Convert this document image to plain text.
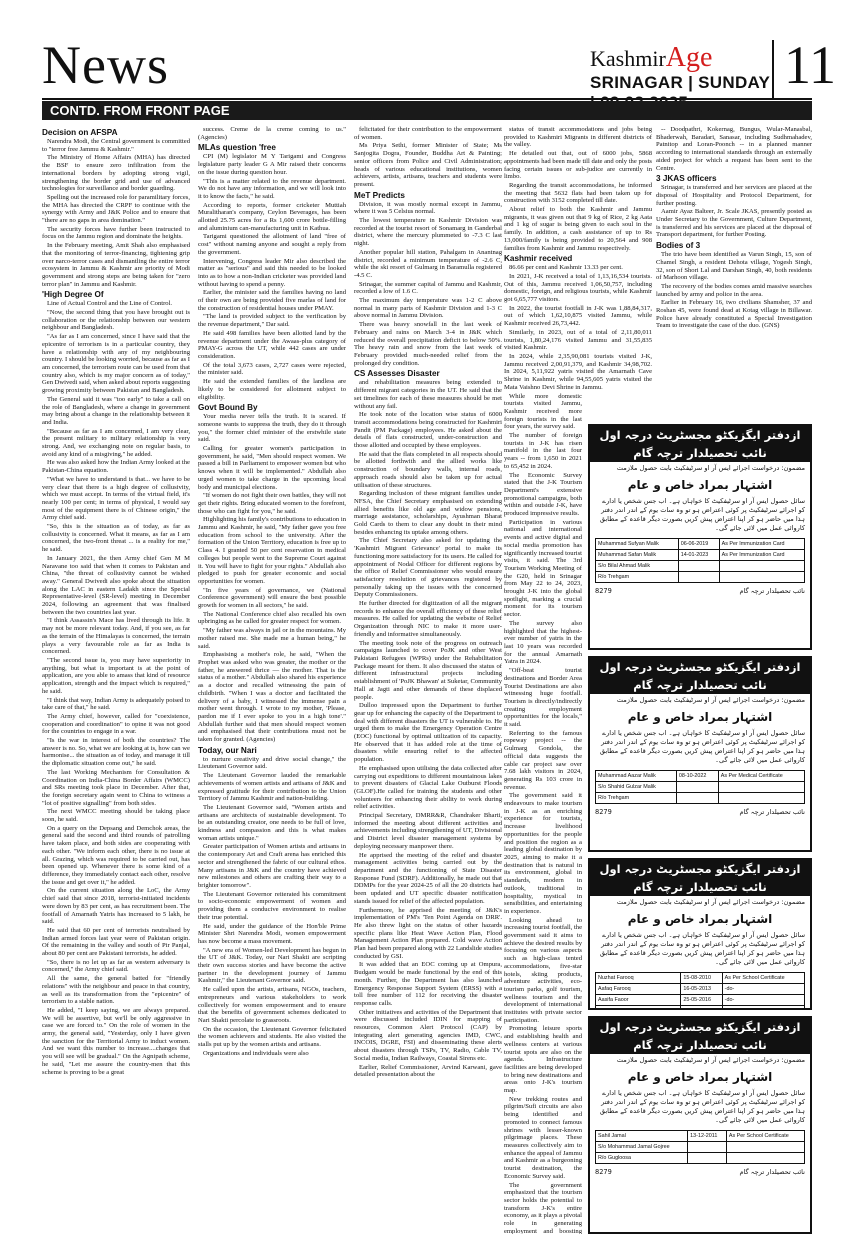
News	KashmirAge
SRINAGAR | SUNDAY 11
CONTD. FROM FRONT PAGE
Decision on AFSPA

Narendra Modi, the Central government is committed to "terror free Jammu & Kashmir."

The Ministry of Home Affairs (MHA) has directed the BSF to ensure zero infiltration from the international borders by adopting strong vigil, strengthening the border grid and use of advanced technologies for surveillance and border guarding.

Spelling out the increased role for paramilitary forces, the MHA has directed the CRPF to continue with the synergy with Army and J&K Police and to ensure that "there are no gaps in area domination."

The security forces have further been instructed to focus on the Jammu region and dominate the heights.

In the February meeting, Amit Shah also emphasised that the monitoring of terror-financing, tightening grip over narco-terror cases and dismantling the entire terror ecosystem in Jammu & Kashmir are priority of Modi government and strong steps are being taken for "zero terror plan" in Jammu and Kashmir.

'High Degree Of

Line of Actual Control and the Line of Control.

"Now, the second thing that you have brought out is collaboration or the relationship between our western neighbour and Bangladesh.

"As far as I am concerned, since I have said that the epicentre of terrorism is in a particular country, they have a relationship with any of my neighbouring country. I should be looking worried, because as far as I am concerned, the terrorism route can be used from that country also, which is my major concern as of today," Gen Dwivedi said, when asked about reports suggesting growing proximity between Pakistan and Bangladesh.

The General said it was "too early" to take a call on the role of Bangladesh, where a change in government may bring about a change in the relationship between it and India.

"Because as far as I am concerned, I am very clear, the present military to military relationship is very strong. And, we exchanging note on regular basis, to avoid any kind of a misgiving," he added.

He was also asked how the Indian Army looked at the Pakistan-China equation.

"What we have to understand is that... we have to be very clear that there is a high degree of collusivity, which we must accept. In terms of the virtual field, it's nearly 100 per cent; in terms of physical, I would say most of the equipment there is of Chinese origin," the Army chief said.

"So, this is the situation as of today, as far as collusivity is concerned. What it means, as far as I am concerned, the two-front threat ... is a reality for me," he said.

In January 2021, the then Army chief Gen M M Naravane too said that when it comes to Pakistan and China, "the threat of collusivity cannot be wished away." General Dwivedi also spoke about the situation along the LAC in eastern Ladakh since the Special Representative-level (SR-level) meeting in December 2024, following an agreement that was finalised between the two countries last year.

"I think Assassin's Mace has lived through its life. It may not be more relevant today. And, if you see, as far as the terrain of the Himalayas is concerned, the terrain plays a very favourable role as far as India is concerned.

"The second issue is, you may have superiority in anything, but what is important is at the point of application, are you able to amass that kind of resource application, strength and the impact which is required," he said.

"I think that way, Indian Army is adequately poised to take care of that," he said.

The Army chief, however, called for "coexistence, cooperation and coordination" to opine it was not good for the countries to engage in a war.

"Is the war in interest of both the countries? The answer is no. So, what we are looking at is, how can we harmonise... the situation as of today, and manage it till the diplomatic situation come out," he said.

The last Working Mechanism for Consultation & Coordination on India-China Border Affairs (WMCC) and SRs meeting took place in December. After that, the foreign secretary again went to China to witness a "lot of positive signalling" from both sides.

The next WMCC meeting should be taking place soon, he said.

On a query on the Depsang and Demchok areas, the general said the second and third rounds of patrolling have taken place, and both sides are cooperating with each other. "We inform each other, there is no issue at all. Grazing, which was required to be carried out, has been opened up. Whenever there is some kind of a difference, they immediately contact each other, resolve the issue and get over it," he added.

On the current situation along the LoC, the Army chief said that since 2018, terrorist-initiated incidents were down by 83 per cent, as has recruitment been. The footfall of Amarnath Yatris has increased to 5 lakh, he said.

He said that 60 per cent of terrorists neutralised by Indian armed forces last year were of Pakistan origin. Of the remaining in the valley and south of Pir Panjal, about 80 per cent are Pakistani terrorists, he added.

"So, there is no let up as far as western adversary is concerned," the Army chief said.

All the same, the general batted for "friendly relations" with the neighbour and peace in that country, as well as its transformation from the "epicentre" of terrorism to a stable nation.

He added, "I keep saying, we are always prepared. We will be assertive, but we'll be only aggressive in case we are forced to." On the role of women in the army, the general said, "Yesterday, only I have given the sanction for the Territorial Army to induct women. And we want this number to increase....changes that you will see will be gradual." On the Agnipath scheme, he said, "Let me assure the country-men that this scheme is proving to be a great

success. Creme de la creme coming to us." (Agencies)

MLAs question 'free

CPI (M) legislator M Y Tarigami and Congress legislature party leader G A Mir raised their concerns on the issue during question hour.

"This is a matter related to the revenue department. We do not have any information, and we will look into it to know the facts," he said.

According to reports, former cricketer Muttiah Muralitharan's company, Ceylon Beverages, has been allotted 25.75 acres for a Rs 1,600 crore bottle-filling and aluminium can-manufacturing unit in Kathua.

Tarigami questioned the allotment of land "free of cost" without naming anyone and sought a reply from the government.

Intervening, Congress leader Mir also described the matter as "serious" and said this needed to be looked into as to how a non-Indian cricketer was provided land without having to spend a penny.

Earlier, the minister said the families having no land of their own are being provided five marlas of land for the construction of residential houses under PMAY.

"The land is provided subject to the verification by the revenue department," Dar said.

He said 498 families have been allotted land by the revenue department under the Awaas-plus category of PMAY-G across the UT, while 442 cases are under consideration.

Of the total 3,673 cases, 2,727 cases were rejected, the minister said.

He said the extended families of the landless are likely to be considered for allotment subject to eligibility.

Govt Bound By

Your media never tells the truth. It is scared. If someone wants to suppress the truth, they do it through you," the former chief minister of the erstwhile state said.

Calling for greater women's participation in government, he said, "Men should respect women. We passed a bill in Parliament to empower women but who knows when it will be implemented." Abdullah also urged women to take charge in the upcoming local body and municipal elections.

"If women do not fight their own battles, they will not get their rights. Bring educated women to the forefront, those who can fight for you," he said.

Highlighting his family's contributions to education in Jammu and Kashmir, he said, "My father gave you free education from school to the university. After the formation of the Union Territory, education is free up to Class 4. I granted 50 per cent reservation in medical colleges but people went to the Supreme Court against it. You will have to fight for your rights." Abdullah also pledged to push for greater economic and social opportunities for women.

"In five years of governance, we (National Conference government) will ensure the best possible growth for women in all sectors," he said.

The National Conference chief also recalled his own upbringing as he called for greater respect for women.

"My father was always in jail or in the mountains. My mother raised me. She made me a human being," he said.

Emphasising a mother's role, he said, "When the Prophet was asked who was greater, the mother or the father, he answered thrice — the mother. That is the status of a mother." Abdullah also shared his experience as a doctor and recalled witnessing the pain of childbirth. "When I was a doctor and facilitated the delivery of a baby, I witnessed the immense pain a mother went through. I wrote to my mother, 'Please, pardon me if I ever spoke to you in a high tone'." Abdullah further said that men should respect women and emphasised that their contributions must not be taken for granted. (Agencies)

Today, our Nari

to nurture creativity and drive social change," the Lieutenant Governor said.

The Lieutenant Governor lauded the remarkable achievements of women artists and artisans of J&K and expressed gratitude for their contribution to the Union Territory of Jammu Kashmir and nation-building.

The Lieutenant Governor said, "Women artists and artisans are architects of sustainable development. To be an outstanding creator, one needs to be full of love, kindness and compassion and this is what makes woman artists unique."

Greater participation of Women artists and artisans in the contemporary Art and Craft arena has enriched this sector and strengthened the fabric of our cultural ethos. Many artisans in J&K and the country have achieved new milestones and others are crafting their way to a brighter tomorrow".

The Lieutenant Governor reiterated his commitment to socio-economic empowerment of women and providing them a conducive environment to realise their true potential.

He said, under the guidance of the Hon'ble Prime Minister Shri Narendra Modi, women empowerment has now become a mass movement.

"A new era of Women-led Development has begun in the UT of J&K. Today, our Nari Shakti are scripting their own success stories and have become the active partner in the development journey of Jammu Kashmir," the Lieutenant Governor said.

He called upon the artists, artisans, NGOs, teachers, entrepreneurs and various stakeholders to work collectively for women empowerment and to ensure that the benefits of government schemes dedicated to Nari Shakti percolate to grassroots.

On the occasion, the Lieutenant Governor felicitated the women achievers and students. He also visited the stalls put up by the women artists and artisans.

Organizations and individuals were also

felicitated for their contribution to the empowerment of women.

Ms Priya Sethi, former Minister of State; Ms Sanjogita Dogra, Founder, Buddha Art & Painting; senior officers from Police and Civil Administration; heads of various educational institutions, women achievers, artists, artisans, teachers and students were present.

MeT Predicts

Division, it was mostly normal except in Jammu, where it was 5 Celsius normal.

The lowest temperature in Kashmir Division was recorded at the tourist resort of Sonamarg in Ganderbal district, where the mercury plummeted to -7.3 C last night.

Another popular hill station, Pahalgam in Anantnag district, recorded a minimum temperature of -2.6 C, while the ski resort of Gulmarg in Baramulla registered -4.5 C.

Srinagar, the summer capital of Jammu and Kashmir, recorded a low of 1.6 C.

The maximum day temperature was 1-2 C above normal in many parts of Kashmir Division and 1-3 C above normal in Jammu Division.

There was heavy snowfall in the last week of February and rains on March 3-4 in J&K which reduced the overall precipitation deficit to below 50%. The heavy rain and snow from the last week of February provided much-needed relief from the prolonged dry condition.

CS Assesses Disaster

and rehabilitation measures being extended to different migrant categories in the UT. He said that the set timelines for each of these measures should be met without any fail.

He took note of the location wise status of 6000 transit accommodations being constructed for Kashmiri Pandit (PM Package) employees. He asked about the details of flats constructed, under-construction and those allotted and occupied by these employees.

He said that the flats completed in all respects should be allotted forthwith and the allied works like construction of boundary walls, internal roads, approach roads should also be taken up for actual utilisation of these structures.

Regarding inclusion of these migrant families under NFSA, the Chief Secretary emphasised on extending allied benefits like old age and widow pensions, marriage assistance, scholarships, Ayushman Bharat Gold Cards to them to clear any doubt in their mind besides enhancing its uptake among others.

The Chief Secretary also asked for updating the 'Kashmiri Migrant Grievance' portal to make its functioning more satisfactory for its users. He called for appointment of Nodal Officer for different regions by the office of Relief Commissioner who would ensure satisfactory resolution of grievances registered by personally taking up the issues with the concerned Deputy Commissioners.

He further directed for digitization of all the migrant records to enhance the overall efficiency of these relief measures. He called for updating the website of Relief Organization through NIC to make it more user-friendly and informative simultaneously.

The meeting took note of the progress on outreach campaigns launched to cover PoJK and other West Pakistani Refugees (WPRs) under the Rehabilitation Package meant for them. It also discussed the status of different infrastructural projects including establishment of 'PoJK Bhawan' at Suketar, Community Hall at Jagti and other demands of these displaced people.

Dulloo impressed upon the Department to further gear up for enhancing the capacity of the Department to deal with different disasters the UT is vulnerable to. He urged them to make the Emergency Operation Centre (EOC) functional by optimal utilization of its capacity. He observed that it has added role at the time of disasters while ensuring relief to the affected population.

He emphasised upon utilising the data collected after carrying out expeditions to different mountainous lakes to prevent disasters of Glacial Lake Outburst Floods (GLOF).He called for training the students and other volunteers for enhancing their ability to work during relief activities.

Principal Secretary, DMRR&R, Chandraker Bharti, informed the meeting about different activities and achievements including strengthening of UT, Divisional and District level disaster management systems by deploying necessary manpower there.

He apprised the meeting of the relief and disaster management activities being carried out by the department and the functioning of State Disaster Response Fund (SDRF). Additionally, he made out that DDMPs for the year 2024-25 of all the 20 districts had been updated and UT specific disaster notification stands issued for relief of the affected population.

Furthermore, he apprised the meeting of J&K's implementation of PM's 'Ten Point Agenda on DRR'. He also threw light on the status of other hazards specific plans like Heat Wave Action Plan, Flood Management Action Plan prepared. Cold wave Action Plan had been prepared along with 22 Landslide studies conducted by GSI.

It was added that an EOC coming up at Ompura, Budgam would be made functional by the end of this month. Further, the Department has also launched Emergency Response Support System (ERSS) with a toll free number of 112 for receiving the disaster response calls.

Other initiatives and activities of the Department that were discussed included IDIN for mapping of resources, Common Alert Protocol (CAP) by integrating alert generating agencies IMD, CWC, INCOIS, DGRE, FSI) and disseminating these alerts about disasters through TSPs, TV, Radio, Cable TV, Social media, Indian Railways, Coastal Sirens etc.

Earlier, Relief Commissioner, Arvind Karwani, gave detailed presentation about the

status of transit accommodations and jobs being provided to Kashmiri Migrants in different districts of the valley.

He detailed out that, out of 6000 jobs, 5868 appointments had been made till date and only the posts facing certain issues or sub-judice are currently in limbo.

Regarding the transit accommodations, he informed the meeting that 5632 flats had been taken up for construction with 3152 completed till date.

About relief to both the Kashmir and Jammu migrants, it was given out that 9 kg of Rice, 2 kg Aata and 1 kg of sugar is being given to each soul in the family. In addition, a cash assistance of up to Rs 13,000/family is being provided to 20,564 and 908 families from Kashmir and Jammu respectively.

Kashmir received

86.66 per cent and Kashmir 13.33 per cent.

In 2021, J-K received a total of 1,13,16,534 tourists. Out of this, Jammu received 1,06,50,757, including domestic, foreign, and religious tourists, while Kashmir got 6,65,777 visitors.

In 2022, the tourist footfall in J-K was 1,88,84,317, out of which 1,62,10,875 visited Jammu, while Kashmir received 26,73,442.

Similarly, in 2023, out of a total of 2,11,80,011 tourists, 1,80,24,176 visited Jammu and 31,55,835 visited Kashmir.

In 2024, while 2,35,90,081 tourists visited J-K, Jammu received 2,00,91,379, and Kashmir 34,98,702. In 2024, 5,11,922 yatris visited the Amarnath Cave Shrine in Kashmir, while 94,55,605 yatris visited the Mata Vaishno Devi Shrine in Jammu.

While more domestic tourists visited Jammu, Kashmir received more foreign tourists in the last four years, the survey said.

The number of foreign tourists in J-K has risen manifold in the last four years -- from 1,650 in 2021 to 65,452 in 2024.

The Economic Survey stated that the J-K Tourism Department's extensive promotional campaigns, both within and outside J-K, have produced impressive results.

Participation in various national and international events and active digital and social media promotion has significantly increased tourist visits, it said. The 3rd Tourism Working Meeting of the G20, held in Srinagar from May 22 to 24, 2023, brought J-K into the global spotlight, marking a crucial moment for its tourism sector.

The survey also highlighted that the highest-ever number of yatris in the last 10 years was recorded for the annual Amarnath Yatra in 2024.

"Off-beat tourist destinations and Border Area Tourist Destinations are also witnessing huge footfall. Tourism is directly/indirectly creating employment opportunities for the locals," it said.

Referring to the famous ropeway project -- the Gulmarg Gondola, the official data suggests the cable car project saw over 7.68 lakh visitors in 2024, generating Rs 103 crore in revenue.

The government said it endeavours to make tourism in J-K as an enriching experience for tourists, increase livelihood opportunities for the people and position the region as a leading global destination by 2025, aiming to make it a destination that is natural in its environment, global in standards, modern in outlook, traditional in hospitality, mystical in sensibilities, and entertaining in experience.

Looking ahead to increasing tourist footfall, the government said it aims to achieve the desired results by focusing on various aspects such as high-class tented accommodations, five-star hotels, skiing products, adventure activities, eco-tourism parks, golf tourism, wellness tourism and the development of international institutes with private sector participation.

Promoting leisure sports and establishing health and wellness centers at various tourist spots are also on the agenda. Infrastructure facilities are being developed to bring new destinations and areas onto J-K's tourism map.

New trekking routes and pilgrim/Sufi circuits are also being identified and promoted to connect famous shrines with lesser-known pilgrimage places. These measures collectively aim to enhance the appeal of Jammu and Kashmir as a burgeoning tourist destination, the Economic Survey said.

The government emphasized that the tourism sector holds the potential to transform J-K's entire economy, as it plays a pivotal role in generating employment and boosting

-- Doodpathri, Kokernag, Bungus, Wular-Manasbal, Bhaderwah, Baradari, Sanasar, including Sudhmahadev, Patnitop and Loran-Poonch -- in a planned manner according to international standards through an externally aided project for which a request has been sent to the Centre.

3 JKAS officers

Srinagar, is transferred and her services are placed at the disposal of Hospitality and Protocol Department, for further posting.

Aamir Ayaz Balteer, Jr. Scale JKAS, presently posted as Under Secretary to the Government, Culture Department, is transferred and his services are placed at the disposal of Transport department, for further Posting.

Bodies of 3

The trio have been identified as Varun Singh, 15, son of Chamel Singh, a resident Dehota village, Yogesh Singh, 32, son of Shori Lal and Darshan Singh, 40, both residents of Marhoon village.

The recovery of the bodies comes amid massive searches launched by army and police in the area.

Earlier in February 16, two civilians Shamsher, 37 and Roshan 45, were found dead at Kotag village in Billawar. Police have already constituted a Special Investigation Team to investigate the case of the duo. (GNS)

ازدفتر ایگزیکٹو مجسٹریٹ درجہ اول نائب تحصیلدار ترچہ گام
مضمون: درخواست اجرائے ایس آر او سرٹیفکیٹ بابت حصول ملازمت
اشتہار بمراد خاص و عام
سائل حصول ایس آر او سرٹیفکیٹ کا خواہاں ہے۔ اب جس شخص یا ادارے کو اجرائے سرٹیفکیٹ پر کوئی اعتراض ہو تو وہ سات یوم کے اندر اندر دفتر ہذا میں حاضر ہو کر اپنا اعتراض پیش کریں بصورت دیگر قاعدہ کے مطابق کاروائی عمل میں لائی جائے گی۔
Muhammad Sufyan Malik	06-06-2019	As Per Immunization Card
Muhammad Safan Malik	14-01-2023	As Per Immunization Card
S/o Bilal Ahmad Malik		
R/o Trehgam		
نائب تحصیلدار ترچہ گام
8279
ازدفتر ایگزیکٹو مجسٹریٹ درجہ اول نائب تحصیلدار ترچہ گام
مضمون: درخواست اجرائے ایس آر او سرٹیفکیٹ بابت حصول ملازمت
اشتہار بمراد خاص و عام
سائل حصول ایس آر او سرٹیفکیٹ کا خواہاں ہے۔ اب جس شخص یا ادارے کو اجرائے سرٹیفکیٹ پر کوئی اعتراض ہو تو وہ سات یوم کے اندر اندر دفتر ہذا میں حاضر ہو کر اپنا اعتراض پیش کریں بصورت دیگر قاعدہ کے مطابق کاروائی عمل میں لائی جائے گی۔
Muhammad Aazar Malik	08-10-2022	As Per Medical Certificate
S/o Shahid Gulzar Malik		
R/o Trehgam		
نائب تحصیلدار ترچہ گام
8279
ازدفتر ایگزیکٹو مجسٹریٹ درجہ اول نائب تحصیلدار ترچہ گام
مضمون: درخواست اجرائے ایس آر او سرٹیفکیٹ بابت حصول ملازمت
اشتہار بمراد خاص و عام
سائل حصول ایس آر او سرٹیفکیٹ کا خواہاں ہے۔ اب جس شخص یا ادارے کو اجرائے سرٹیفکیٹ پر کوئی اعتراض ہو تو وہ سات یوم کے اندر اندر دفتر ہذا میں حاضر ہو کر اپنا اعتراض پیش کریں بصورت دیگر قاعدہ کے مطابق کاروائی عمل میں لائی جائے گی۔
Nuzhat Farooq	15-08-2010	As Per School Certificate
Aafaq Farooq	16-05-2013	-do-
Aasifa Faoor	25-05-2016	-do-

ازدفتر ایگزیکٹو مجسٹریٹ درجہ اول نائب تحصیلدار ترچہ گام
مضمون: درخواست اجرائے ایس آر او سرٹیفکیٹ بابت حصول ملازمت
اشتہار بمراد خاص و عام
سائل حصول ایس آر او سرٹیفکیٹ کا خواہاں ہے۔ اب جس شخص یا ادارے کو اجرائے سرٹیفکیٹ پر کوئی اعتراض ہو تو وہ سات یوم کے اندر اندر دفتر ہذا میں حاضر ہو کر اپنا اعتراض پیش کریں بصورت دیگر قاعدہ کے مطابق کاروائی عمل میں لائی جائے گی۔
Sahil Jamal	13-12-2011	As Per School Certificate
S/o Mohammad Jamal Gojree		
R/o Gugloosa		
نائب تحصیلدار ترچہ گام
8279
